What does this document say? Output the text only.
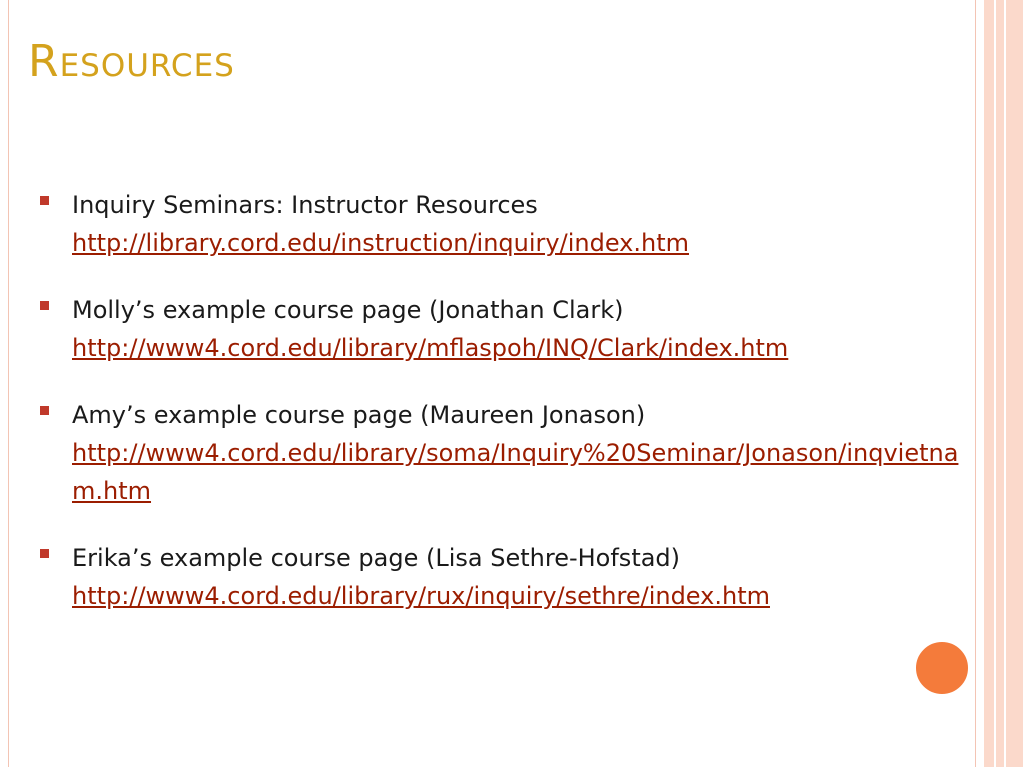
Resources
Inquiry Seminars: Instructor Resources
http://library.cord.edu/instruction/inquiry/index.htm
Molly’s example course page (Jonathan Clark)
http://www4.cord.edu/library/mflaspoh/INQ/Clark/index.htm
Amy’s example course page (Maureen Jonason)
http://www4.cord.edu/library/soma/Inquiry%20Seminar/Jonason/inqvietnam.htm
Erika’s example course page (Lisa Sethre-Hofstad)
http://www4.cord.edu/library/rux/inquiry/sethre/index.htm
